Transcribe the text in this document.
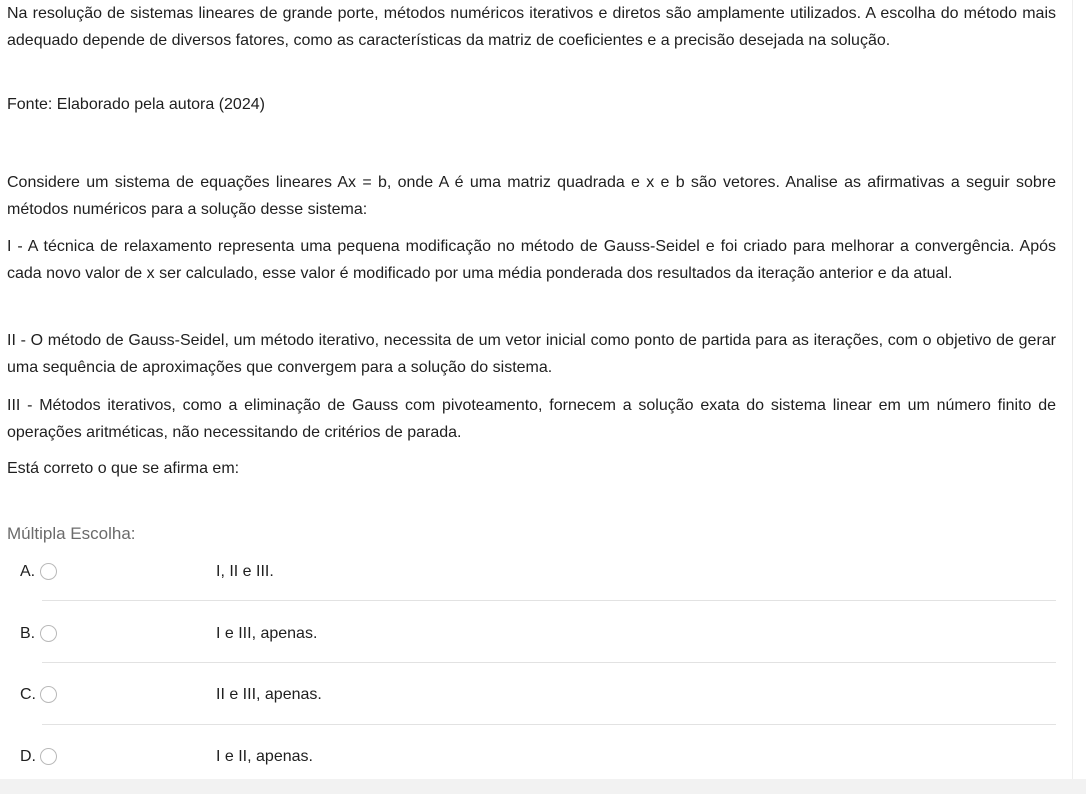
Na resolução de sistemas lineares de grande porte, métodos numéricos iterativos e diretos são amplamente utilizados. A escolha do método mais adequado depende de diversos fatores, como as características da matriz de coeficientes e a precisão desejada na solução.

Fonte: Elaborado pela autora (2024)

Considere um sistema de equações lineares Ax = b, onde A é uma matriz quadrada e x e b são vetores. Analise as afirmativas a seguir sobre métodos numéricos para a solução desse sistema:

I - A técnica de relaxamento representa uma pequena modificação no método de Gauss-Seidel e foi criado para melhorar a convergência. Após cada novo valor de x ser calculado, esse valor é modificado por uma média ponderada dos resultados da iteração anterior e da atual.

II - O método de Gauss-Seidel, um método iterativo, necessita de um vetor inicial como ponto de partida para as iterações, com o objetivo de gerar uma sequência de aproximações que convergem para a solução do sistema.

III - Métodos iterativos, como a eliminação de Gauss com pivoteamento, fornecem a solução exata do sistema linear em um número finito de operações aritméticas, não necessitando de critérios de parada.

Está correto o que se afirma em:

Múltipla Escolha:
A.	I, II e III.
B.	I e III, apenas.
C.	II e III, apenas.
D.	I e II, apenas.
